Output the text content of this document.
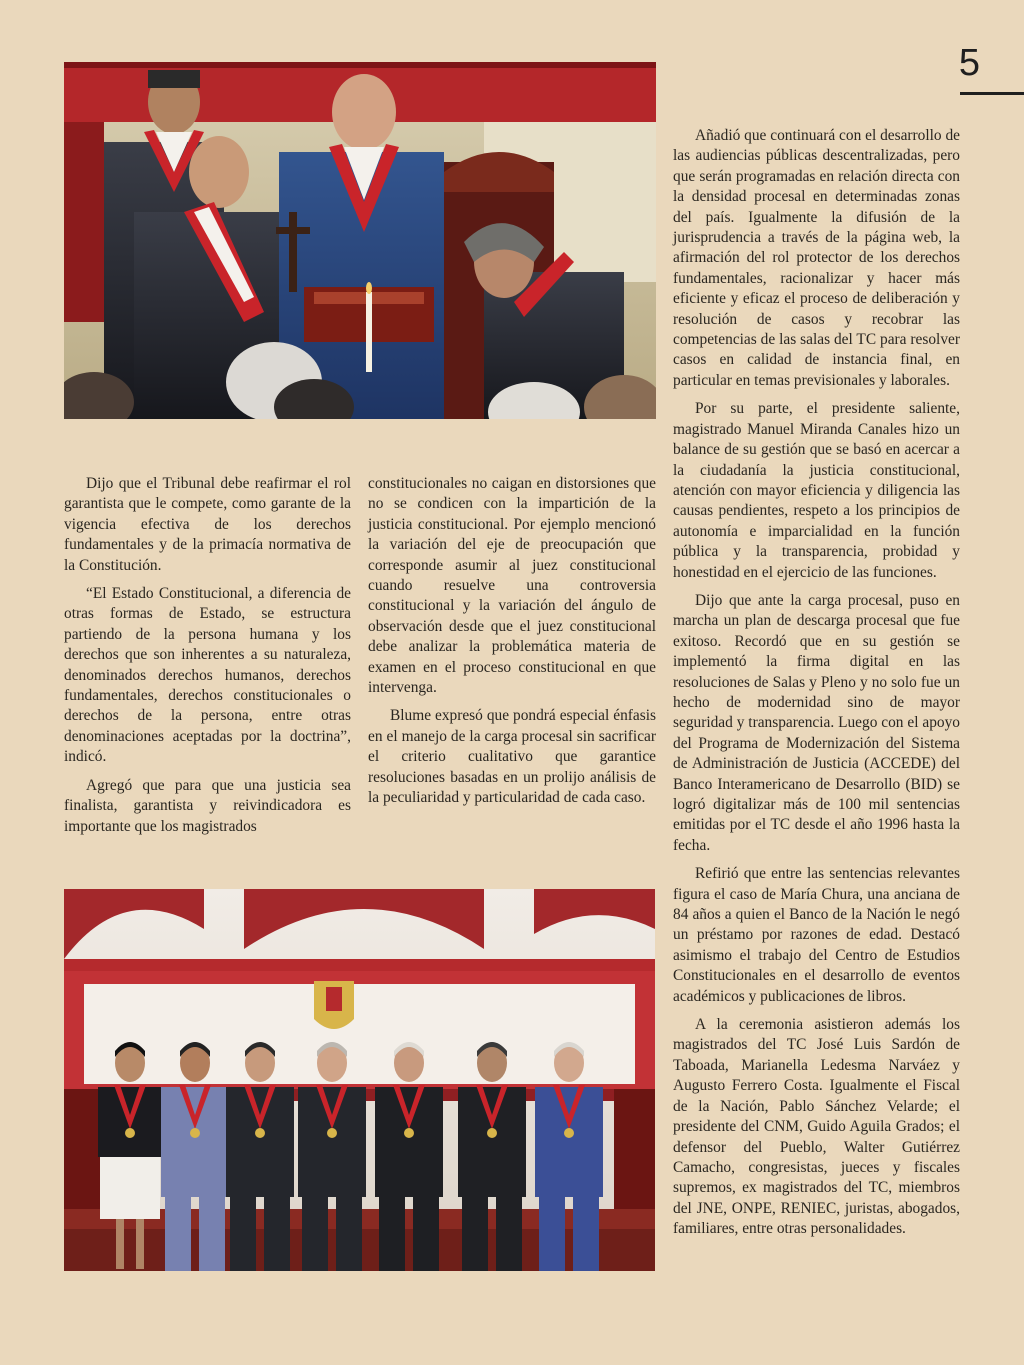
5

Dijo que el Tribunal debe reafirmar el rol garantista que le compete, como garante de la vigencia efectiva de los derechos fundamentales y de la primacía normativa de la Constitución.

“El Estado Constitucional, a diferencia de otras formas de Estado, se estructura partiendo de la persona humana y los derechos que son inherentes a su naturaleza, denominados derechos humanos, derechos fundamentales, derechos constitucionales o derechos de la persona, entre otras denominaciones aceptadas por la doctrina”, indicó.

Agregó que para que una justicia sea finalista, garantista y reivindicadora es importante que los magistrados

constitucionales no caigan en distorsiones que no se condicen con la impartición de la justicia constitucional. Por ejemplo mencionó la variación del eje de preocupación que corresponde asumir al juez constitucional cuando resuelve una controversia constitucional y la variación del ángulo de observación desde que el juez constitucional debe analizar la problemática materia de examen en el proceso constitucional en que intervenga.

Blume expresó que pondrá especial énfasis en el manejo de la carga procesal sin sacrificar el criterio cualitativo que garantice resoluciones basadas en un prolijo análisis de la peculiaridad y particularidad de cada caso.

Añadió que continuará con el desarrollo de las audiencias públicas descentralizadas, pero que serán programadas en relación directa con la densidad procesal en determinadas zonas del país. Igualmente la difusión de la jurisprudencia a través de la página web, la afirmación del rol protector de los derechos fundamentales, racionalizar y hacer más eficiente y eficaz el proceso de deliberación y resolución de casos y recobrar las competencias de las salas del TC para resolver casos en calidad de instancia final, en particular en temas previsionales y laborales.

Por su parte, el presidente saliente, magistrado Manuel Miranda Canales hizo un balance de su gestión que se basó en acercar a la ciudadanía la justicia constitucional, atención con mayor eficiencia y diligencia las causas pendientes, respeto a los principios de autonomía e imparcialidad en la función pública y la transparencia, probidad y honestidad en el ejercicio de las funciones.

Dijo que ante la carga procesal, puso en marcha un plan de descarga procesal que fue exitoso. Recordó que en su gestión se implementó la firma digital en las resoluciones de Salas y Pleno y no solo fue un hecho de modernidad sino de mayor seguridad y transparencia. Luego con el apoyo del Programa de Modernización del Sistema de Administración de Justicia (ACCEDE) del Banco Interamericano de Desarrollo (BID) se logró digitalizar más de 100 mil sentencias emitidas por el TC desde el año 1996 hasta la fecha.

Refirió que entre las sentencias relevantes figura el caso de María Chura, una anciana de 84 años a quien el Banco de la Nación le negó un préstamo por razones de edad. Destacó asimismo el trabajo del Centro de Estudios Constitucionales en el desarrollo de eventos académicos y publicaciones de libros.

A la ceremonia asistieron además los magistrados del TC José Luis Sardón de Taboada, Marianella Ledesma Narváez y Augusto Ferrero Costa. Igualmente el Fiscal de la Nación, Pablo Sánchez Velarde; el presidente del CNM, Guido Aguila Grados; el defensor del Pueblo, Walter Gutiérrez Camacho, congresistas, jueces y fiscales supremos, ex magistrados del TC, miembros del JNE, ONPE, RENIEC, juristas, abogados, familiares, entre otras personalidades.
